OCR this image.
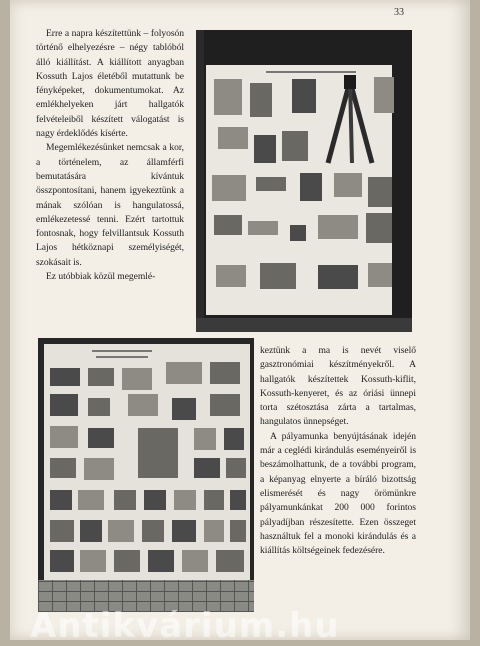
33

Erre a napra készítettünk – folyosón történő elhelyezésre – négy tablóból álló kiállítást. A kiállított anyagban Kossuth Lajos életéből mutattunk be fényképeket, dokumentumokat. Az emlékhelyeken járt hallgatók felvételeiből készített válogatást is nagy érdeklődés kísérte.

Megemlékezésünket nemcsak a kor, a történelem, az államférfi bemutatására kívántuk összpontosítani, hanem igyekeztünk a mának szólóan is hangulatossá, emlékezetessé tenni. Ezért tartottuk fontosnak, hogy felvillantsuk Kossuth Lajos hétköznapi személyiségét, szokásait is.

Ez utóbbiak közül megemlé-

keztünk a ma is nevét viselő gasztronómiai készítményekről. A hallgatók készítettek Kossuth-kiflit, Kossuth-kenyeret, és az óriási ünnepi torta szétosztása zárta a tartalmas, hangulatos ünnepséget.

A pályamunka benyújtásának idején már a ceglédi kirándulás eseményeiről is beszámolhattunk, de a további program, a képanyag elnyerte a bíráló bizottság elismerését és nagy örömünkre pályamunkánkat 200 000 forintos pályadíjban részesítette. Ezen összeget használtuk fel a monoki kirándulás és a kiállítás költségeinek fedezésére.

Antikvárium.hu
